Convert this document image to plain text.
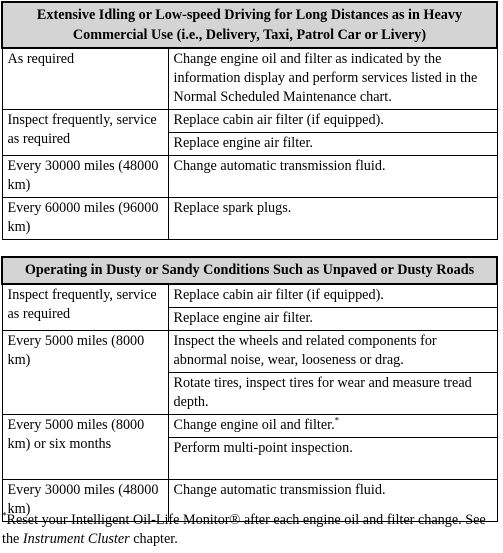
Extensive Idling or Low-speed Driving for Long Distances as in Heavy Commercial Use (i.e., Delivery, Taxi, Patrol Car or Livery)	
As required	Change engine oil and filter as indicated by the information display and perform services listed in the Normal Scheduled Maintenance chart.
Inspect frequently, service as required	Replace cabin air filter (if equipped).
	Replace engine air filter.
Every 30000 miles (48000 km)	Change automatic transmission fluid.
Every 60000 miles (96000 km)	Replace spark plugs.
Operating in Dusty or Sandy Conditions Such as Unpaved or Dusty Roads	
Inspect frequently, service as required	Replace cabin air filter (if equipped).
	Replace engine air filter.
Every 5000 miles (8000 km)	Inspect the wheels and related components for abnormal noise, wear, looseness or drag.
	Rotate tires, inspect tires for wear and measure tread depth.
Every 5000 miles (8000 km) or six months	Change engine oil and filter.*
	Perform multi-point inspection.
Every 30000 miles (48000 km)	Change automatic transmission fluid.
*Reset your Intelligent Oil-Life Monitor® after each engine oil and filter change. See the Instrument Cluster chapter.
